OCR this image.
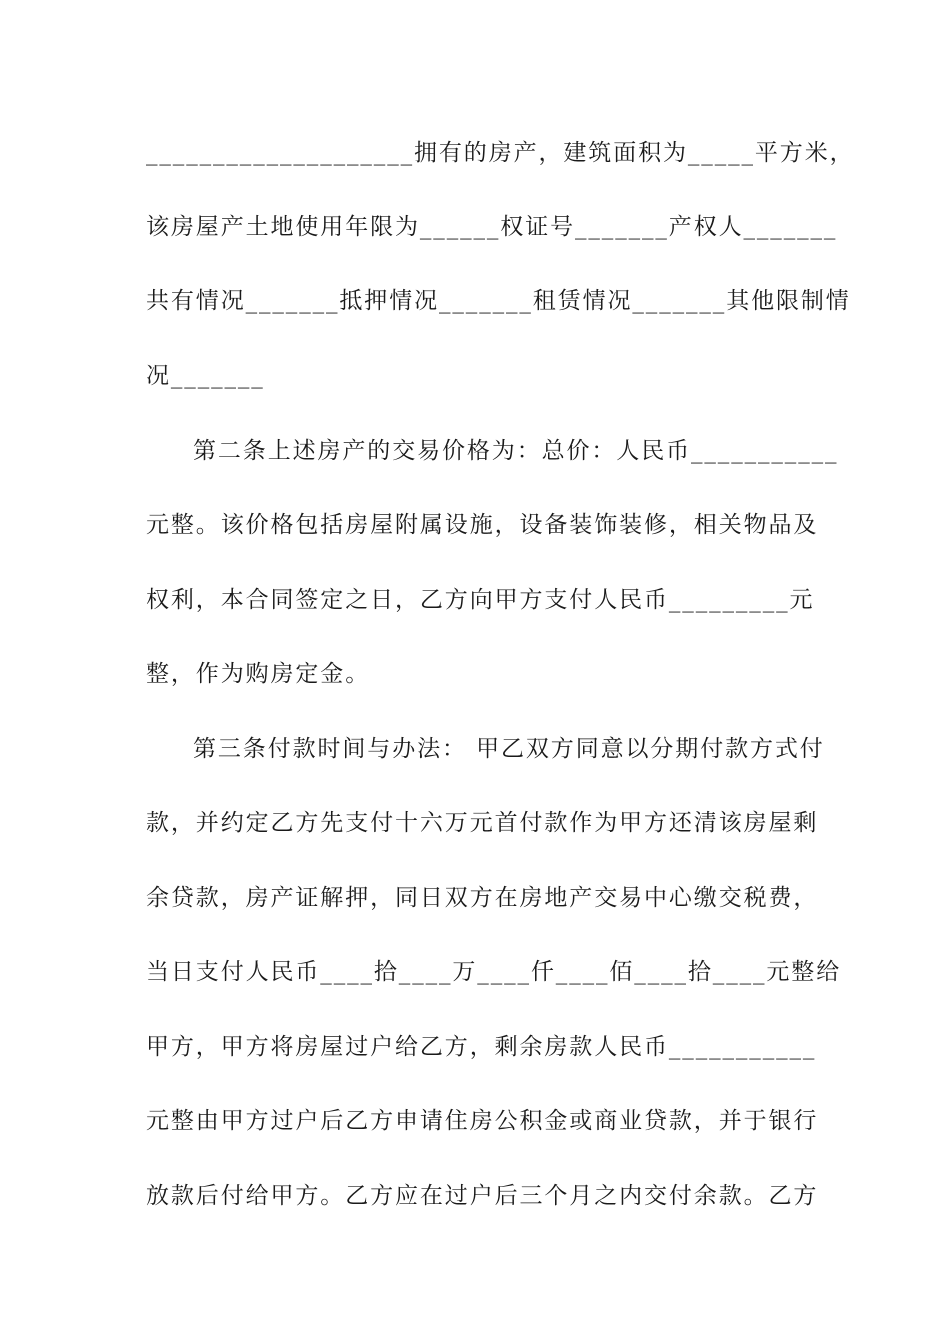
____________________拥有的房产，建筑面积为_____平方米，
该房屋产土地使用年限为______权证号_______产权人_______
共有情况_______抵押情况_______租赁情况_______其他限制情
况_______
第二条上述房产的交易价格为：总价：人民币___________
元整。该价格包括房屋附属设施，设备装饰装修，相关物品及
权利，本合同签定之日，乙方向甲方支付人民币_________元
整，作为购房定金。
第三条付款时间与办法： 甲乙双方同意以分期付款方式付
款，并约定乙方先支付十六万元首付款作为甲方还清该房屋剩
余贷款，房产证解押，同日双方在房地产交易中心缴交税费，
当日支付人民币____拾____万____仟____佰____拾____元整给
甲方，甲方将房屋过户给乙方，剩余房款人民币___________
元整由甲方过户后乙方申请住房公积金或商业贷款，并于银行
放款后付给甲方。乙方应在过户后三个月之内交付余款。乙方
